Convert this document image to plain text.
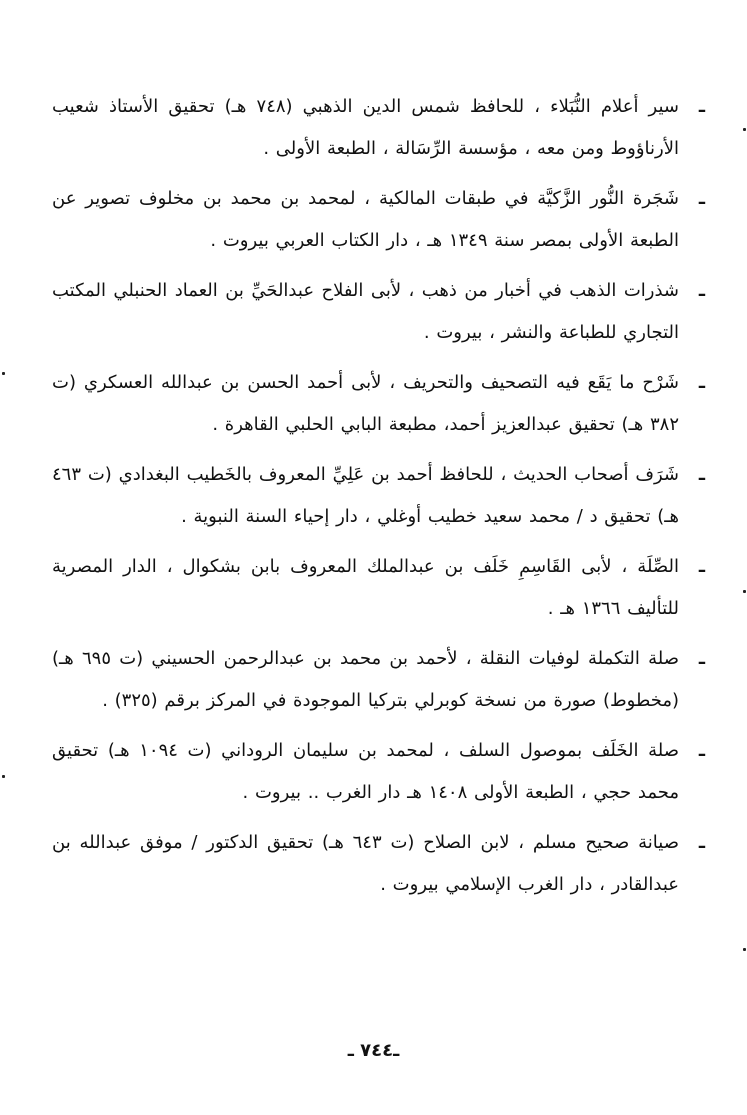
ـ
سير أعلام النُّبَلاء ، للحافظ شمس الدين الذهبي (٧٤٨ هـ) تحقيق الأستاذ شعيب الأرناؤوط ومن معه ، مؤسسة الرِّسَالة ، الطبعة الأولى .

ـ
شَجَرة النُّور الزَّكيَّة في طبقات المالكية ، لمحمد بن محمد بن مخلوف تصوير عن الطبعة الأولى بمصر سنة ١٣٤٩ هـ ، دار الكتاب العربي بيروت .

ـ
شذرات الذهب في أخبار من ذهب ، لأبى الفلاح عبدالحَيِّ بن العماد الحنبلي المكتب التجاري للطباعة والنشر ، بيروت .

ـ
شَرْح ما يَقَع فيه التصحيف والتحريف ، لأبى أحمد الحسن بن عبدالله العسكري (ت ٣٨٢ هـ) تحقيق عبدالعزيز أحمد، مطبعة البابي الحلبي القاهرة .

ـ
شَرَف أصحاب الحديث ، للحافظ أحمد بن عَلِيِّ المعروف بالخَطيب البغدادي (ت ٤٦٣ هـ) تحقيق د / محمد سعيد خطيب أوغلي ، دار إحياء السنة النبوية .

ـ
الصِّلَة ، لأبى القَاسِمِ خَلَف بن عبدالملك المعروف بابن بشكوال ، الدار المصرية للتأليف ١٣٦٦ هـ .

ـ
صلة التكملة لوفيات النقلة ، لأحمد بن محمد بن عبدالرحمن الحسيني (ت ٦٩٥ هـ) (مخطوط) صورة من نسخة كوبرلي بتركيا الموجودة في المركز برقم (٣٢٥) .

ـ
صلة الخَلَف بموصول السلف ، لمحمد بن سليمان الروداني (ت ١٠٩٤ هـ) تحقيق محمد حجي ، الطبعة الأولى ١٤٠٨ هـ دار الغرب .. بيروت .

ـ
صيانة صحيح مسلم ، لابن الصلاح (ت ٦٤٣ هـ) تحقيق الدكتور / موفق عبدالله بن عبدالقادر ، دار الغرب الإسلامي بيروت .

ـ٧٤٤ ـ
